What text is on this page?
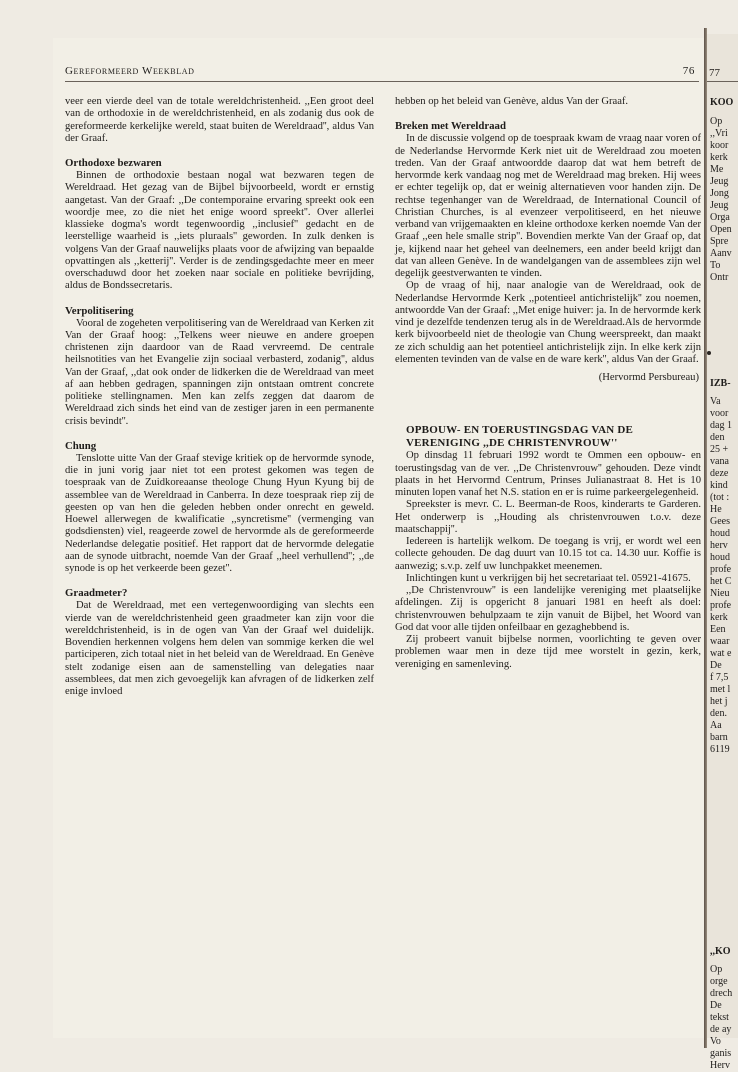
77
KOO
Op
,,Vri
koor
kerk
Me
Jeug
Jong
Jeug
Orga
Open
Spre
Aanv
To
Ontr
IZB-
Va
voor
dag 1
den
25 +
vana
deze
kind
(tot :
He
Gees
houd
herv
houd
profe
het C
Nieu
profe
kerk
Een
waar
wat e
De
f 7,5
met l
het j
den.
Aa
barn
6119
,,KO
Op
orge
drech
De
tekst
de ay
Vo
ganis
Herv
Gereformeerd Weekblad	76

veer een vierde deel van de totale wereldchristenheid. ,,Een groot deel van de orthodoxie in de wereldchristenheid, en als zodanig dus ook de gereformeerde kerkelijke wereld, staat buiten de Wereldraad'', aldus Van der Graaf.

Orthodoxe bezwaren

Binnen de orthodoxie bestaan nogal wat bezwaren tegen de Wereldraad. Het gezag van de Bijbel bijvoorbeeld, wordt er ernstig aangetast. Van der Graaf: ,,De contemporaine ervaring spreekt ook een woordje mee, zo die niet het enige woord spreekt''. Over allerlei klassieke dogma's wordt tegenwoordig ,,inclusief'' gedacht en de leerstellige waarheid is ,,iets pluraals'' geworden. In zulk denken is volgens Van der Graaf nauwelijks plaats voor de afwijzing van bepaalde opvattingen als ,,ketterij''. Verder is de zendingsgedachte meer en meer overschaduwd door het zoeken naar sociale en politieke bevrijding, aldus de Bondssecretaris.

Verpolitisering

Vooral de zogeheten verpolitisering van de Wereldraad van Kerken zit Van der Graaf hoog: ,,Telkens weer nieuwe en andere groepen christenen zijn daardoor van de Raad vervreemd. De centrale heilsnotities van het Evangelie zijn sociaal verbasterd, zodanig'', aldus Van der Graaf, ,,dat ook onder de lidkerken die de Wereldraad van meet af aan hebben gedragen, spanningen zijn ontstaan omtrent concrete politieke stellingnamen. Men kan zelfs zeggen dat daarom de Wereldraad zich sinds het eind van de zestiger jaren in een permanente crisis bevindt''.

Chung

Tenslotte uitte Van der Graaf stevige kritiek op de hervormde synode, die in juni vorig jaar niet tot een protest gekomen was tegen de toespraak van de Zuidkoreaanse theologe Chung Hyun Kyung bij de assemblee van de Wereldraad in Canberra. In deze toespraak riep zij de geesten op van hen die geleden hebben onder onrecht en geweld. Hoewel allerwegen de kwalificatie ,,syncretisme'' (vermenging van godsdiensten) viel, reageerde zowel de hervormde als de gereformeerde Nederlandse delegatie positief. Het rapport dat de hervormde delegatie aan de synode uitbracht, noemde Van der Graaf ,,heel verhullend''; ,,de synode is op het verkeerde been gezet''.

Graadmeter?

Dat de Wereldraad, met een vertegenwoordiging van slechts een vierde van de wereldchristenheid geen graadmeter kan zijn voor die wereldchristenheid, is in de ogen van Van der Graaf wel duidelijk. Bovendien herkennen volgens hem delen van sommige kerken die wel participeren, zich totaal niet in het beleid van de Wereldraad. En Genève stelt zodanige eisen aan de samenstelling van delegaties naar assemblees, dat men zich gevoegelijk kan afvragen of de lidkerken zelf enige invloed

hebben op het beleid van Genève, aldus Van der Graaf.

Breken met Wereldraad

In de discussie volgend op de toespraak kwam de vraag naar voren of de Nederlandse Hervormde Kerk niet uit de Wereldraad zou moeten treden. Van der Graaf antwoordde daarop dat wat hem betreft de hervormde kerk vandaag nog met de Wereldraad mag breken. Hij wees er echter tegelijk op, dat er weinig alternatieven voor handen zijn. De rechtse tegenhanger van de Wereldraad, de International Council of Christian Churches, is al evenzeer verpolitiseerd, en het nieuwe verband van vrijgemaakten en kleine orthodoxe kerken noemde Van der Graaf ,,een hele smalle strip''. Bovendien merkte Van der Graaf op, dat je, kijkend naar het geheel van deelnemers, een ander beeld krijgt dan dat van alleen Genève. In de wandelgangen van de assemblees zijn wel degelijk geestverwanten te vinden.

Op de vraag of hij, naar analogie van de Wereldraad, ook de Nederlandse Hervormde Kerk ,,potentieel antichristelijk'' zou noemen, antwoordde Van der Graaf: ,,Met enige huiver: ja. In de hervormde kerk vind je dezelfde tendenzen terug als in de Wereldraad.Als de hervormde kerk bijvoorbeeld niet de theologie van Chung weerspreekt, dan maakt ze zich schuldig aan het potentieel antichristelijk zijn. In elke kerk zijn elementen tevinden van de valse en de ware kerk'', aldus Van der Graaf.

(Hervormd Persbureau)

OPBOUW- EN TOERUSTINGSDAG VAN DE

VERENIGING ,,DE CHRISTENVROUW''

Op dinsdag 11 februari 1992 wordt te Ommen een opbouw- en toerustingsdag van de ver. ,,De Christenvrouw'' gehouden. Deze vindt plaats in het Hervormd Centrum, Prinses Julianastraat 8. Het is 10 minuten lopen vanaf het N.S. station en er is ruime parkeergelegenheid.

Spreekster is mevr. C. L. Beerman-de Roos, kinderarts te Garderen. Het onderwerp is ,,Houding als christenvrouwen t.o.v. deze maatschappij''.

Iedereen is hartelijk welkom. De toegang is vrij, er wordt wel een collecte gehouden. De dag duurt van 10.15 tot ca. 14.30 uur. Koffie is aanwezig; s.v.p. zelf uw lunchpakket meenemen.

Inlichtingen kunt u verkrijgen bij het secretariaat tel. 05921-41675.

,,De Christenvrouw'' is een landelijke vereniging met plaatselijke afdelingen. Zij is opgericht 8 januari 1981 en heeft als doel: christenvrouwen behulpzaam te zijn vanuit de Bijbel, het Woord van God dat voor alle tijden onfeilbaar en gezaghebbend is.

Zij probeert vanuit bijbelse normen, voorlichting te geven over problemen waar men in deze tijd mee worstelt in gezin, kerk, vereniging en samenleving.
